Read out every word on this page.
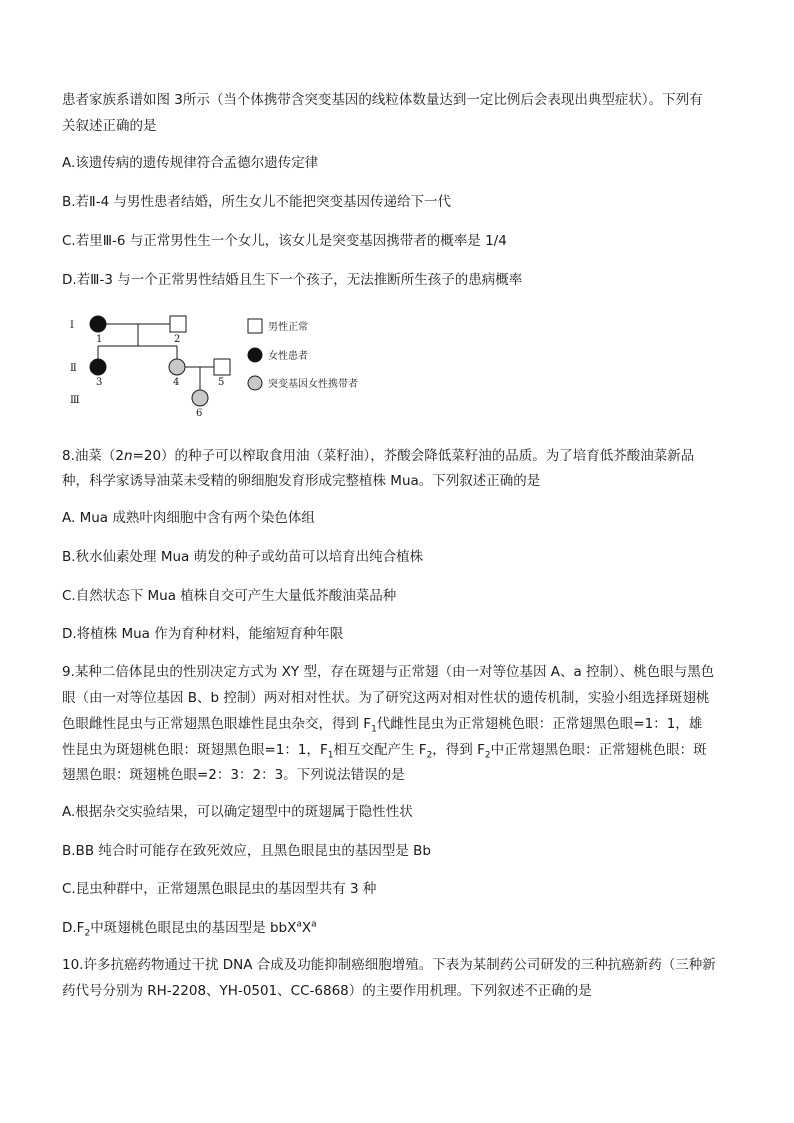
患者家族系谱如图 3所示（当个体携带含突变基因的线粒体数量达到一定比例后会表现出典型症状）。下列有
关叙述正确的是
A.该遗传病的遗传规律符合孟德尔遗传定律
B.若Ⅱ-4 与男性患者结婚，所生女儿不能把突变基因传递给下一代
C.若里Ⅲ-6 与正常男性生一个女儿，该女儿是突变基因携带者的概率是 1/4
D.若Ⅲ-3 与一个正常男性结婚且生下一个孩子，无法推断所生孩子的患病概率
Ⅰ
Ⅱ
Ⅲ
1	2
3	4	5
6
男性正常
女性患者
突变基因女性携带者
8.油菜（2n=20）的种子可以榨取食用油（菜籽油），芥酸会降低菜籽油的品质。为了培育低芥酸油菜新品
种，科学家诱导油菜未受精的卵细胞发育形成完整植株 Mua。下列叙述正确的是
A. Mua 成熟叶肉细胞中含有两个染色体组
B.秋水仙素处理 Mua 萌发的种子或幼苗可以培育出纯合植株
C.自然状态下 Mua 植株自交可产生大量低芥酸油菜品种
D.将植株 Mua 作为育种材料，能缩短育种年限
9.某种二倍体昆虫的性别决定方式为 XY 型，存在斑翅与正常翅（由一对等位基因 A、a 控制）、桃色眼与黑色
眼（由一对等位基因 B、b 控制）两对相对性状。为了研究这两对相对性状的遗传机制，实验小组选择斑翅桃
色眼雌性昆虫与正常翅黑色眼雄性昆虫杂交，得到 $F_1$代雌性昆虫为正常翅桃色眼：正常翅黑色眼=1：1，雄
性昆虫为斑翅桃色眼：斑翅黑色眼=1：1，$F_1$相互交配产生 $F_2$，得到 $F_2$中正常翅黑色眼：正常翅桃色眼：斑
翅黑色眼：斑翅桃色眼=2：3：2：3。下列说法错误的是
A.根据杂交实验结果，可以确定翅型中的斑翅属于隐性性状
B.BB 纯合时可能存在致死效应，且黑色眼昆虫的基因型是 Bb
C.昆虫种群中，正常翅黑色眼昆虫的基因型共有 3 种
$D.F_2$中斑翅桃色眼昆虫的基因型是 $bbX^aX^a$
10.许多抗癌药物通过干扰 DNA 合成及功能抑制癌细胞增殖。下表为某制药公司研发的三种抗癌新药（三种新
药代号分别为 RH-2208、YH-0501、CC-6868）的主要作用机理。下列叙述不正确的是
